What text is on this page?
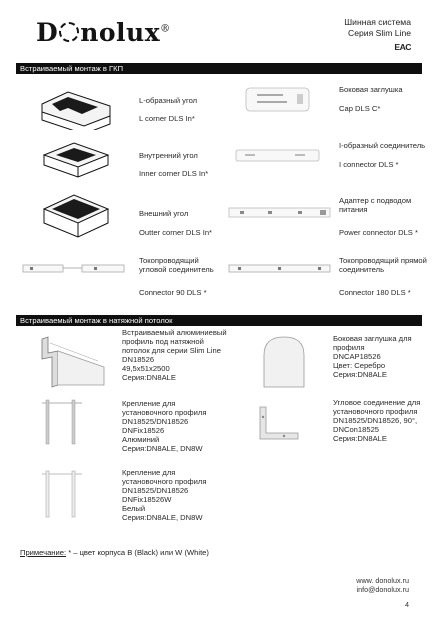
D nolux®
Шинная система
Серия Slim Line
EAC
Встраиваемый монтаж в ГКП
L-образный угол
L corner DLS In*
Боковая заглушка
Cap DLS C*
Внутренний угол
Inner corner DLS In*
I-образный соединитель
I connector DLS *
Внешний угол
Outter corner DLS In*
Адаптер с подводом
питания
Power connector DLS *
Токопроводящий
угловой соединитель
Connector 90 DLS *
Токопроводящий прямой
соединитель
Connector 180 DLS *
Встраиваемый монтаж в натяжной потолок
Встраиваемый алюминиевый
профиль под натяжной
потолок для серии Slim Line
DN18526
49,5x51x2500
Серия:DN8ALE
Боковая заглушка для
профиля
DNCAP18526
Цвет: Серебро
Серия:DN8ALE
Крепление для
установочного профиля
DN18525/DN18526
DNFix18526
Алюминий
Серия:DN8ALE, DN8W
Угловое соединение для
установочного профиля
DN18525/DN18526, 90°,
DNCon18525
Серия:DN8ALE
Крепление для
установочного профиля
DN18525/DN18526
DNFix18526W
Белый
Серия:DN8ALE, DN8W
Примечание: * – цвет корпуса B (Black) или W (White)
www. donolux.ru
info@donolux.ru
4
